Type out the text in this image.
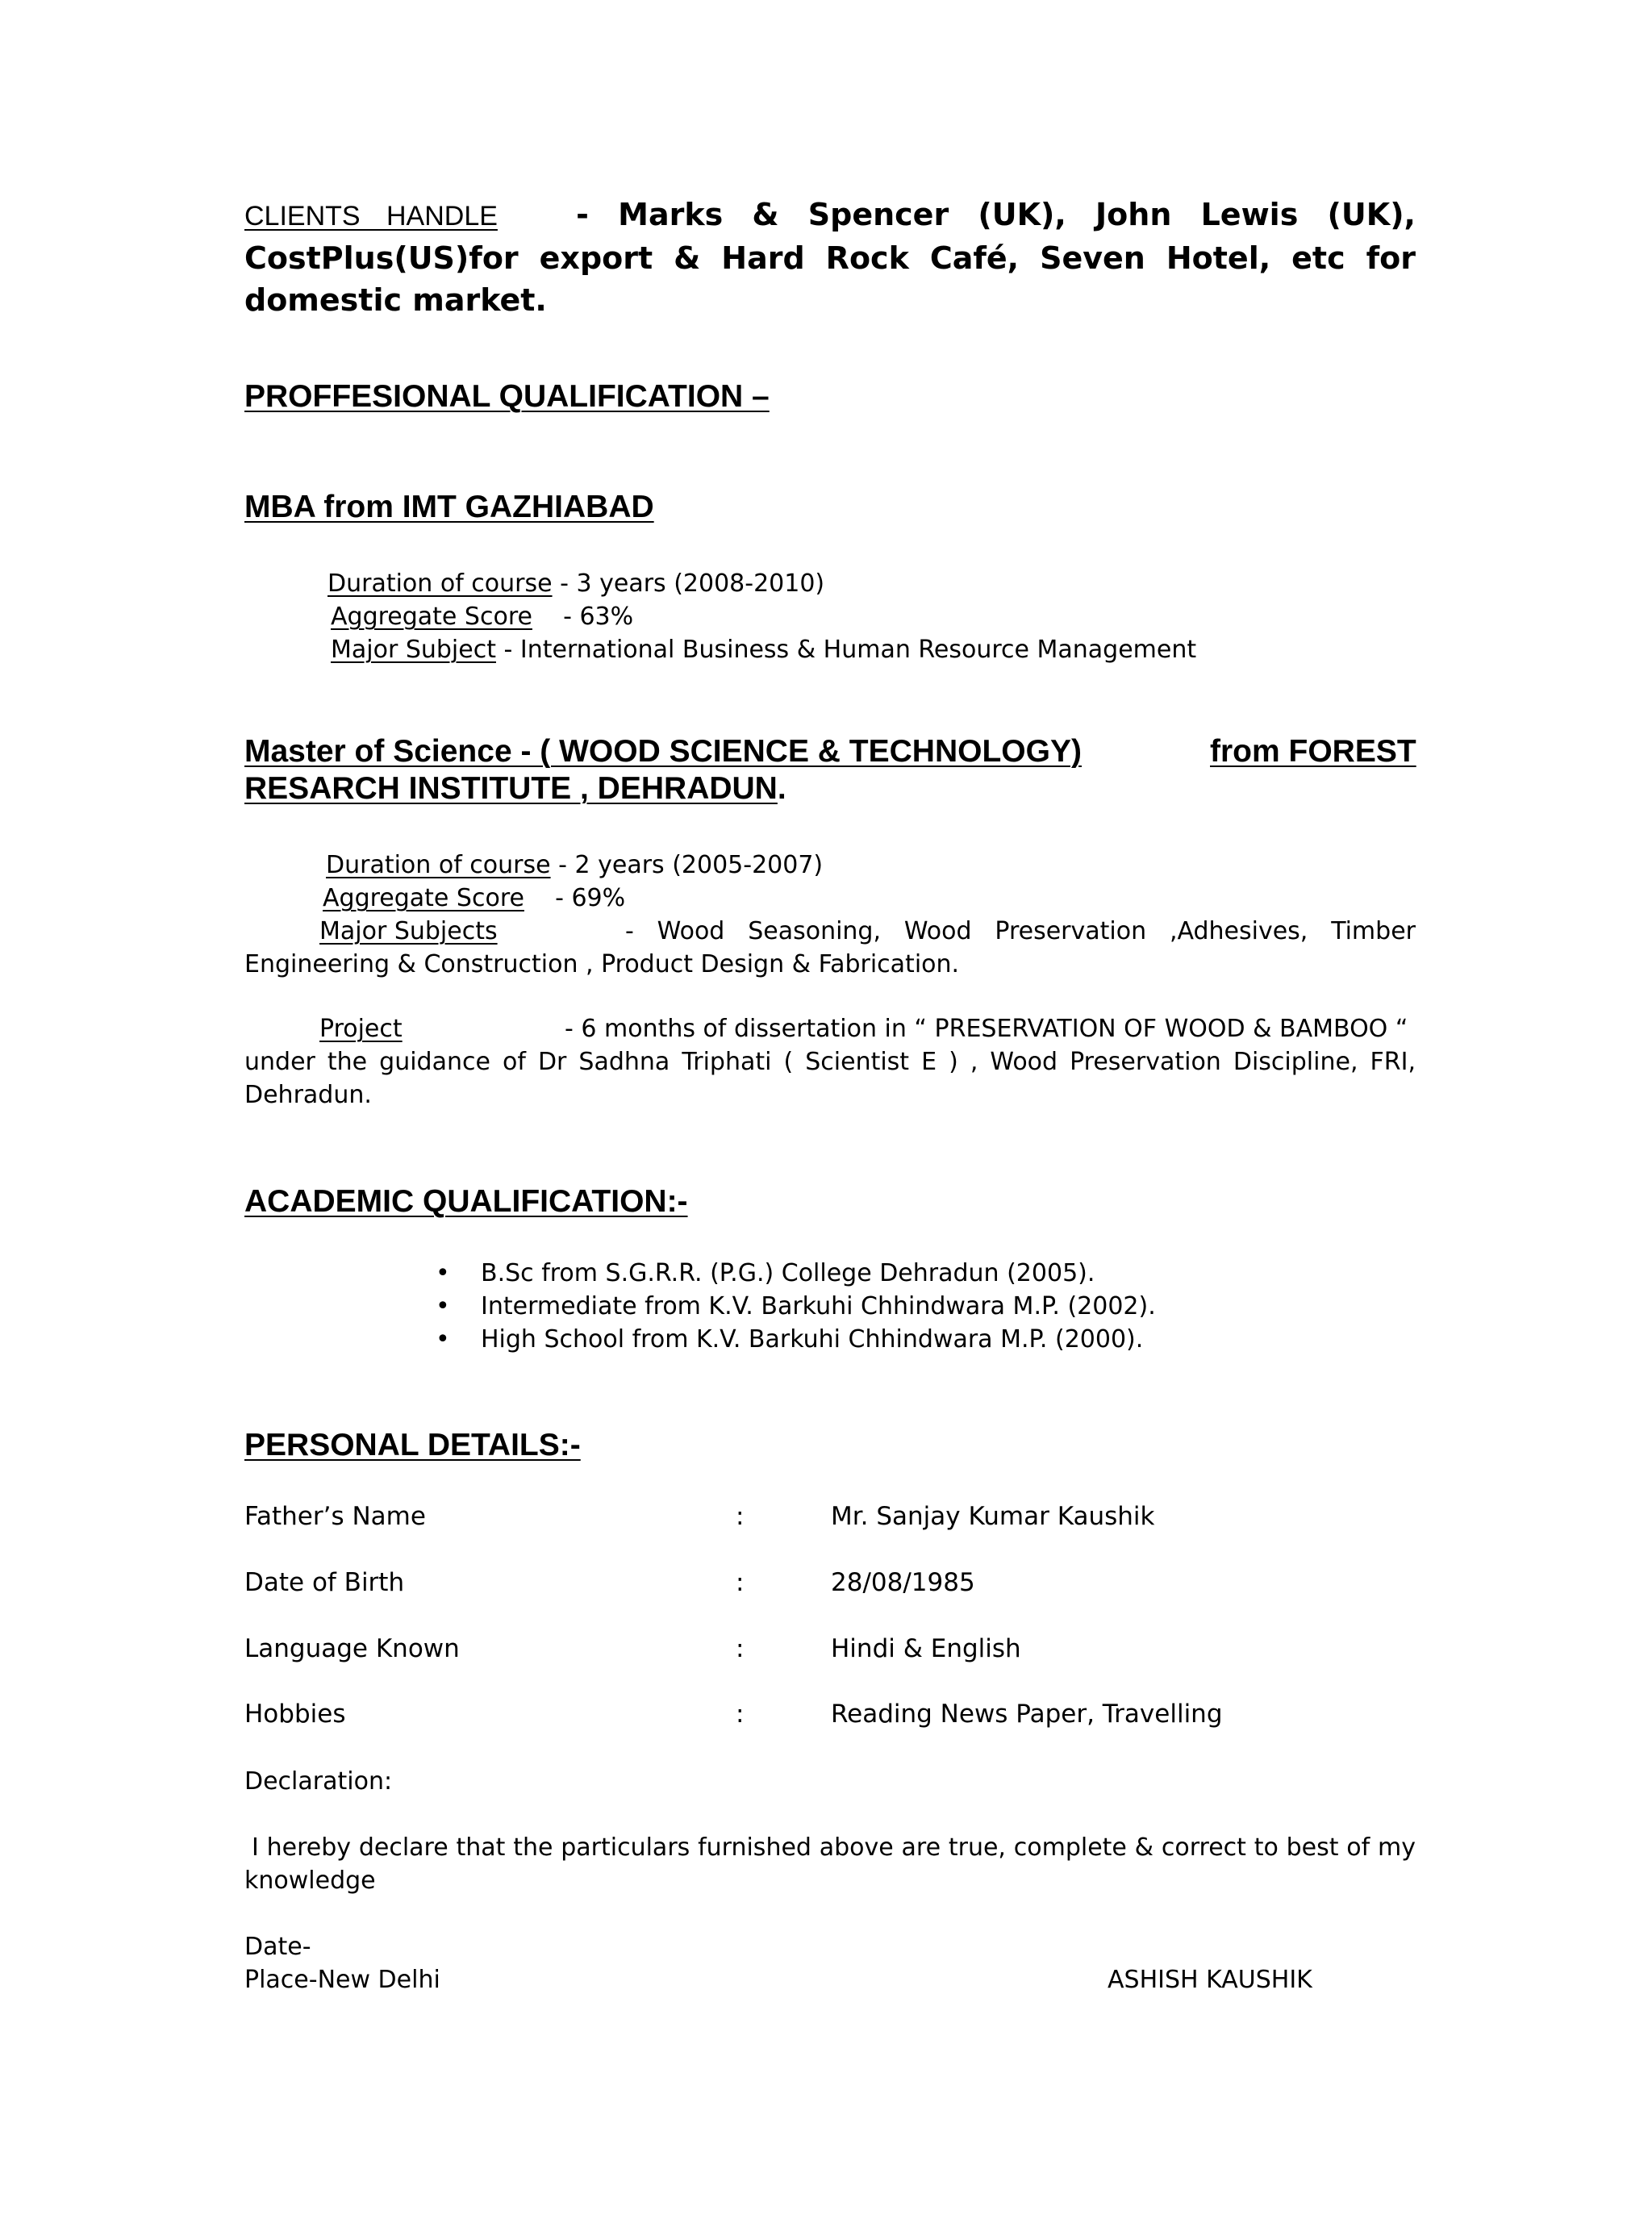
CLIENTS HANDLE	- Marks & Spencer (UK), John Lewis (UK), CostPlus(US)for export & Hard Rock Café, Seven Hotel, etc for domestic market.
PROFFESIONAL QUALIFICATION –
MBA from IMT GAZHIABAD
Duration of course - 3 years (2008-2010)
Aggregate Score - 63%
Major Subject - International Business & Human Resource Management
Master of Science - ( WOOD SCIENCE & TECHNOLOGY)	from FOREST
RESARCH INSTITUTE , DEHRADUN.
Duration of course - 2 years (2005-2007)
Aggregate Score - 69%
Major Subjects	- Wood Seasoning, Wood Preservation ,Adhesives, Timber
Engineering & Construction , Product Design & Fabrication.
Project	- 6 months of dissertation in “ PRESERVATION OF WOOD & BAMBOO “
under the guidance of Dr Sadhna Triphati ( Scientist E ) , Wood Preservation Discipline, FRI,
Dehradun.
ACADEMIC QUALIFICATION:-
• B.Sc from S.G.R.R. (P.G.) College Dehradun (2005).
• Intermediate from K.V. Barkuhi Chhindwara M.P. (2002).
• High School from K.V. Barkuhi Chhindwara M.P. (2000).
PERSONAL DETAILS:-
Father’s Name	:	Mr. Sanjay Kumar Kaushik
Date of Birth	:	28/08/1985
Language Known	:	Hindi & English
Hobbies	:	Reading News Paper, Travelling
Declaration:
I hereby declare that the particulars furnished above are true, complete & correct to best of my
knowledge
Date-
Place-New Delhi	ASHISH KAUSHIK
